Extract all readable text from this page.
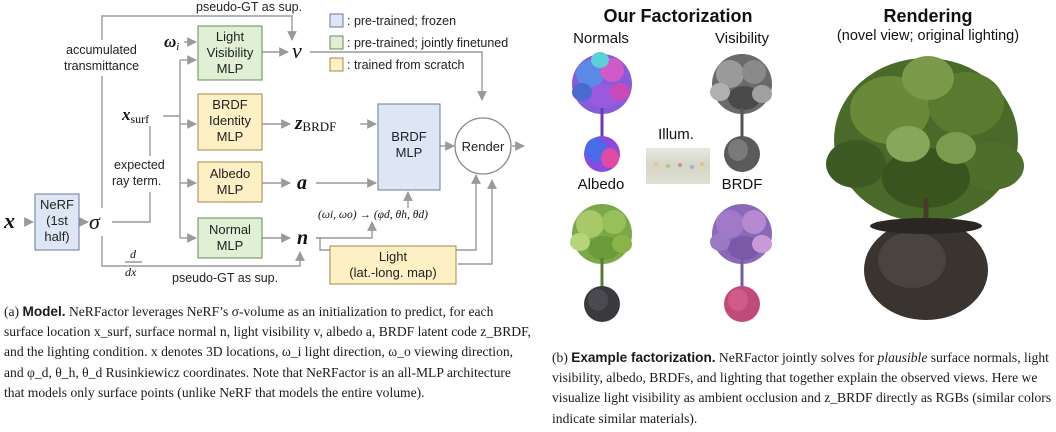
: pre-trained; frozen
: pre-trained; jointly finetuned
: trained from scratch
pseudo-GT as sup.
pseudo-GT as sup.
accumulated
transmittance
expected
ray term.
NeRF
(1st
half)
Light
Visibility
MLP
BRDF
Identity
MLP
Albedo
MLP
Normal
MLP
BRDF
MLP	Render
Light
(lat.-long. map)
x	σ
ωi
xsurf
v
zBRDF
a
n
(ωi, ωo) → (φd, θh, θd)
d
dx
(a) Model. NeRFactor leverages NeRF’s σ-volume as an initialization to predict, for each surface location x_surf, surface normal n, light visibility v, albedo a, BRDF latent code z_BRDF, and the lighting condition. x denotes 3D locations, ω_i light direction, ω_o viewing direction, and φ_d, θ_h, θ_d Rusinkiewicz coordinates. Note that NeRFactor is an all-MLP architecture that models only surface points (unlike NeRF that models the entire volume).
Our Factorization	Rendering
(novel view; original lighting)
Normals	Visibility
Albedo	BRDF
Illum.
(b) Example factorization. NeRFactor jointly solves for plausible surface normals, light visibility, albedo, BRDFs, and lighting that together explain the observed views. Here we visualize light visibility as ambient occlusion and z_BRDF directly as RGBs (similar colors indicate similar materials).
